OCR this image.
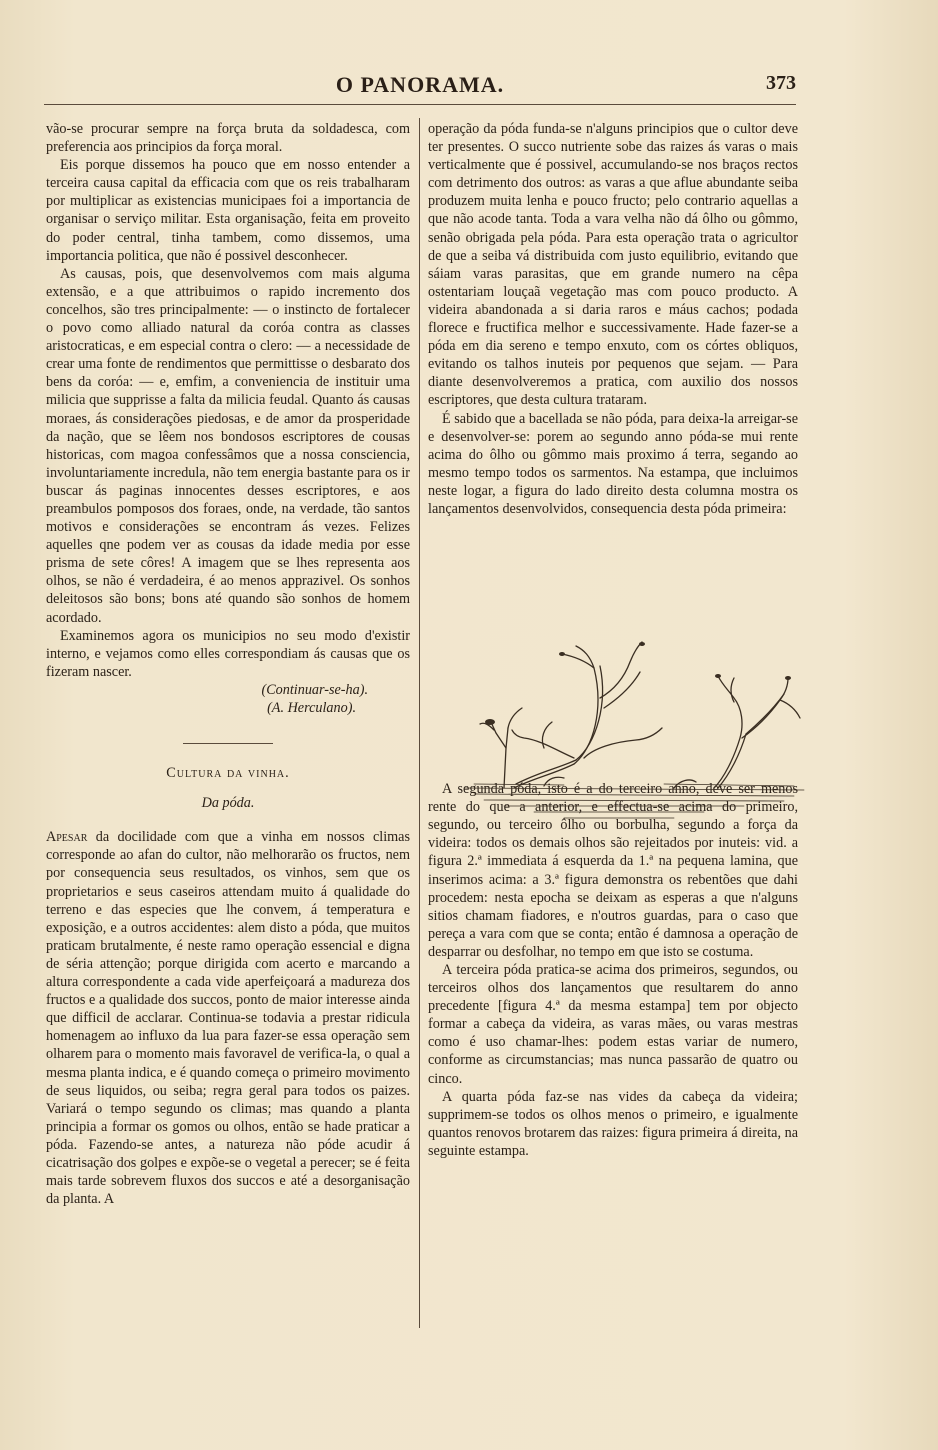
O PANORAMA.	373

vão-se procurar sempre na força bruta da soldadesca, com preferencia aos principios da força moral.

Eis porque dissemos ha pouco que em nosso entender a terceira causa capital da efficacia com que os reis trabalharam por multiplicar as existencias municipaes foi a importancia de organisar o serviço militar. Esta organisação, feita em proveito do poder central, tinha tambem, como dissemos, uma importancia politica, que não é possivel desconhecer.

As causas, pois, que desenvolvemos com mais alguma extensão, e a que attribuimos o rapido incremento dos concelhos, são tres principalmente: — o instincto de fortalecer o povo como alliado natural da coróa contra as classes aristocraticas, e em especial contra o clero: — a necessidade de crear uma fonte de rendimentos que permittisse o desbarato dos bens da coróa: — e, emfim, a conveniencia de instituir uma milicia que supprisse a falta da milicia feudal. Quanto ás causas moraes, ás considerações piedosas, e de amor da prosperidade da nação, que se lêem nos bondosos escriptores de cousas historicas, com magoa confessâmos que a nossa consciencia, involuntariamente incredula, não tem energia bastante para os ir buscar ás paginas innocentes desses escriptores, e aos preambulos pomposos dos foraes, onde, na verdade, tão santos motivos e considerações se encontram ás vezes. Felizes aquelles qne podem ver as cousas da idade media por esse prisma de sete côres! A imagem que se lhes representa aos olhos, se não é verdadeira, é ao menos apprazivel. Os sonhos deleitosos são bons; bons até quando são sonhos de homem acordado.

Examinemos agora os municipios no seu modo d'existir interno, e vejamos como elles correspondiam ás causas que os fizeram nascer.

(Continuar-se-ha).
(A. Herculano).
Cultura da vinha.
Da póda.

Apesar da docilidade com que a vinha em nossos climas corresponde ao afan do cultor, não melhorarão os fructos, nem por consequencia seus resultados, os vinhos, sem que os proprietarios e seus caseiros attendam muito á qualidade do terreno e das especies que lhe convem, á temperatura e exposição, e a outros accidentes: alem disto a póda, que muitos praticam brutalmente, é neste ramo operação essencial e digna de séria attenção; porque dirigida com acerto e marcando a altura correspondente a cada vide aperfeiçoará a madureza dos fructos e a qualidade dos succos, ponto de maior interesse ainda que difficil de acclarar. Continua-se todavia a prestar ridicula homenagem ao influxo da lua para fazer-se essa operação sem olharem para o momento mais favoravel de verifica-la, o qual a mesma planta indica, e é quando começa o primeiro movimento de seus liquidos, ou seiba; regra geral para todos os paizes. Variará o tempo segundo os climas; mas quando a planta principia a formar os gomos ou olhos, então se hade praticar a póda. Fazendo-se antes, a natureza não póde acudir á cicatrisação dos golpes e expõe-se o vegetal a perecer; se é feita mais tarde sobrevem fluxos dos succos e até a desorganisação da planta. A

operação da póda funda-se n'alguns principios que o cultor deve ter presentes. O succo nutriente sobe das raizes ás varas o mais verticalmente que é possivel, accumulando-se nos braços rectos com detrimento dos outros: as varas a que aflue abundante seiba produzem muita lenha e pouco fructo; pelo contrario aquellas a que não acode tanta. Toda a vara velha não dá ôlho ou gômmo, senão obrigada pela póda. Para esta operação trata o agricultor de que a seiba vá distribuida com justo equilibrio, evitando que sáiam varas parasitas, que em grande numero na cêpa ostentariam louçaã vegetação mas com pouco producto. A videira abandonada a si daria raros e máus cachos; podada florece e fructifica melhor e successivamente. Hade fazer-se a póda em dia sereno e tempo enxuto, com os córtes obliquos, evitando os talhos inuteis por pequenos que sejam. — Para diante desenvolveremos a pratica, com auxilio dos nossos escriptores, que desta cultura trataram.

É sabido que a bacellada se não póda, para deixa-la arreigar-se e desenvolver-se: porem ao segundo anno póda-se mui rente acima do ôlho ou gômmo mais proximo á terra, segando ao mesmo tempo todos os sarmentos. Na estampa, que incluimos neste logar, a figura do lado direito desta columna mostra os lançamentos desenvolvidos, consequencia desta póda primeira:

A segunda póda, isto é a do terceiro anno, deve ser menos rente do que a anterior, e effectua-se acima do primeiro, segundo, ou terceiro ôlho ou borbulha, segundo a força da videira: todos os demais olhos são rejeitados por inuteis: vid. a figura 2.ª immediata á esquerda da 1.ª na pequena lamina, que inserimos acima: a 3.ª figura demonstra os rebentões que dahi procedem: nesta epocha se deixam as esperas a que n'alguns sitios chamam fiadores, e n'outros guardas, para o caso que pereça a vara com que se conta; então é damnosa a operação de desparrar ou desfolhar, no tempo em que isto se costuma.

A terceira póda pratica-se acima dos primeiros, segundos, ou terceiros olhos dos lançamentos que resultarem do anno precedente [figura 4.ª da mesma estampa] tem por objecto formar a cabeça da videira, as varas mães, ou varas mestras como é uso chamar-lhes: podem estas variar de numero, conforme as circumstancias; mas nunca passarão de quatro ou cinco.

A quarta póda faz-se nas vides da cabeça da videira; supprimem-se todos os olhos menos o primeiro, e igualmente quantos renovos brotarem das raizes: figura primeira á direita, na seguinte estampa.
